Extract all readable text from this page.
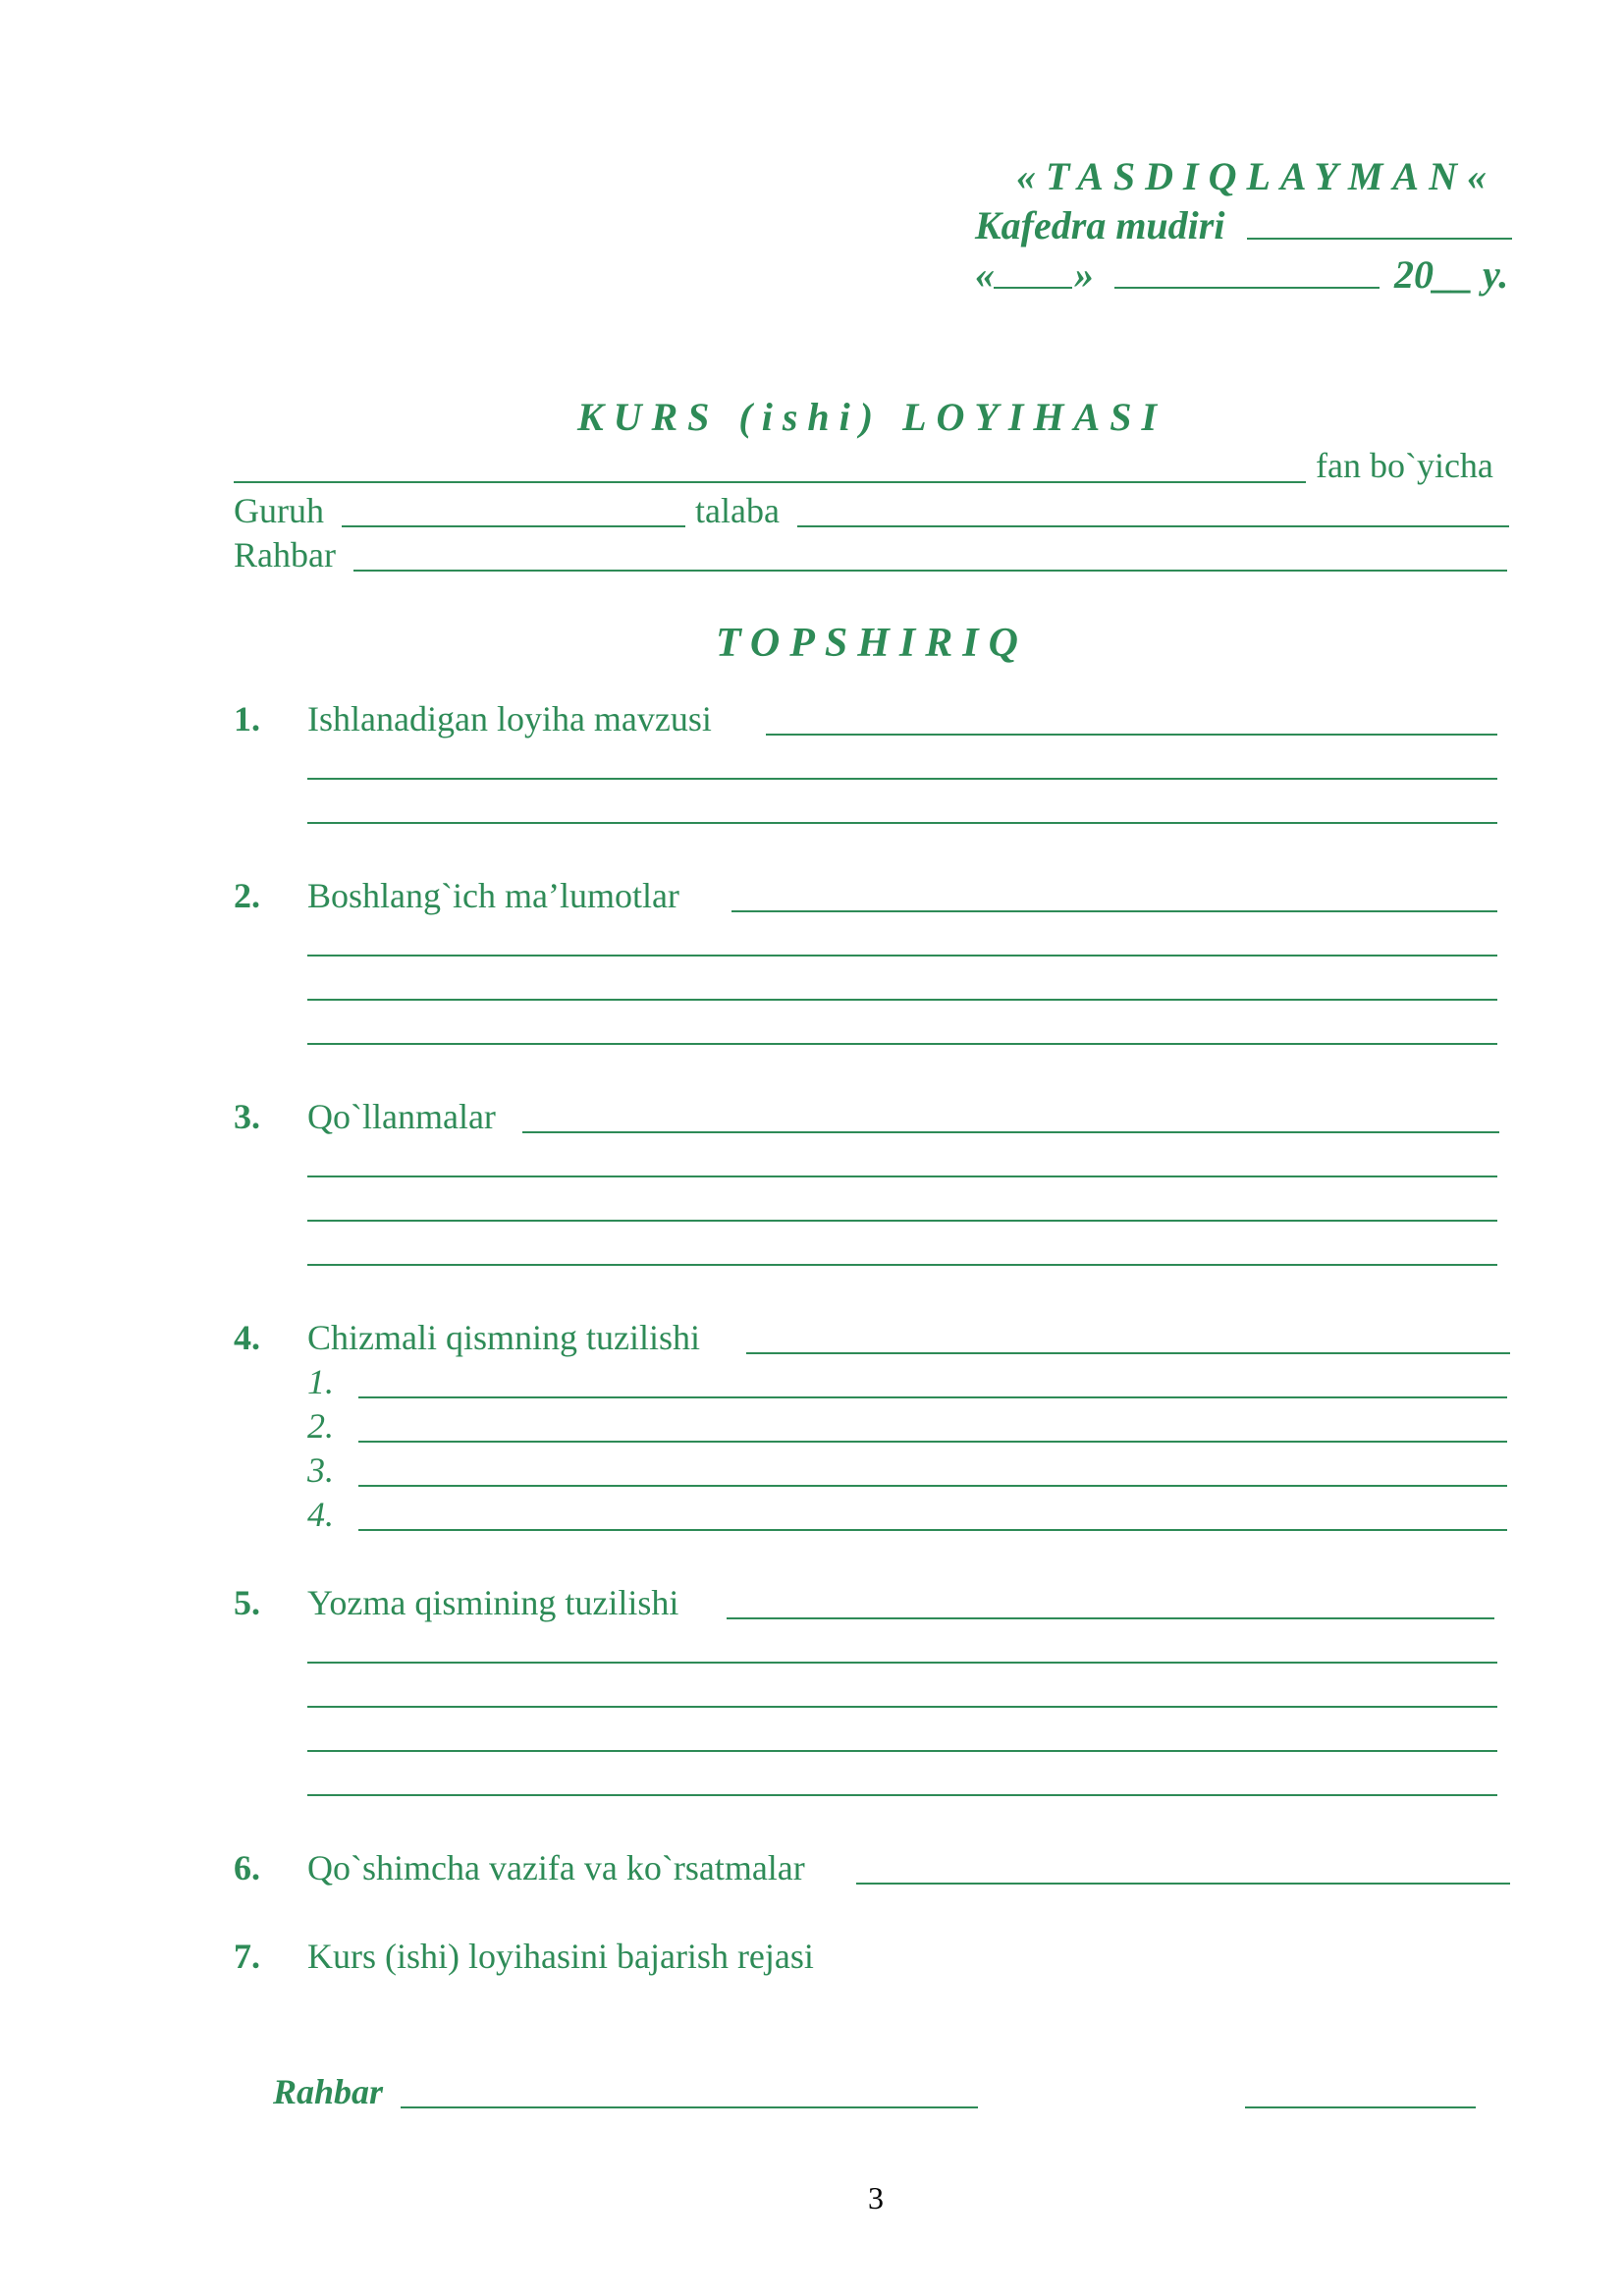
«TASDIQLAYMAN«
Kafedra mudiri
« »	20__ y.
KURS (ishi) LOYIHASI
fan bo`yicha
Guruh	talaba
Rahbar
TOPSHIRIQ
1. Ishlanadigan loyiha mavzusi
2. Boshlang`ich ma’lumotlar
3. Qo`llanmalar
4. Chizmali qismning tuzilishi
1.
2.
3.
4.
5. Yozma qismining tuzilishi
6. Qo`shimcha vazifa va ko`rsatmalar
7. Kurs (ishi) loyihasini bajarish rejasi
Rahbar
3
